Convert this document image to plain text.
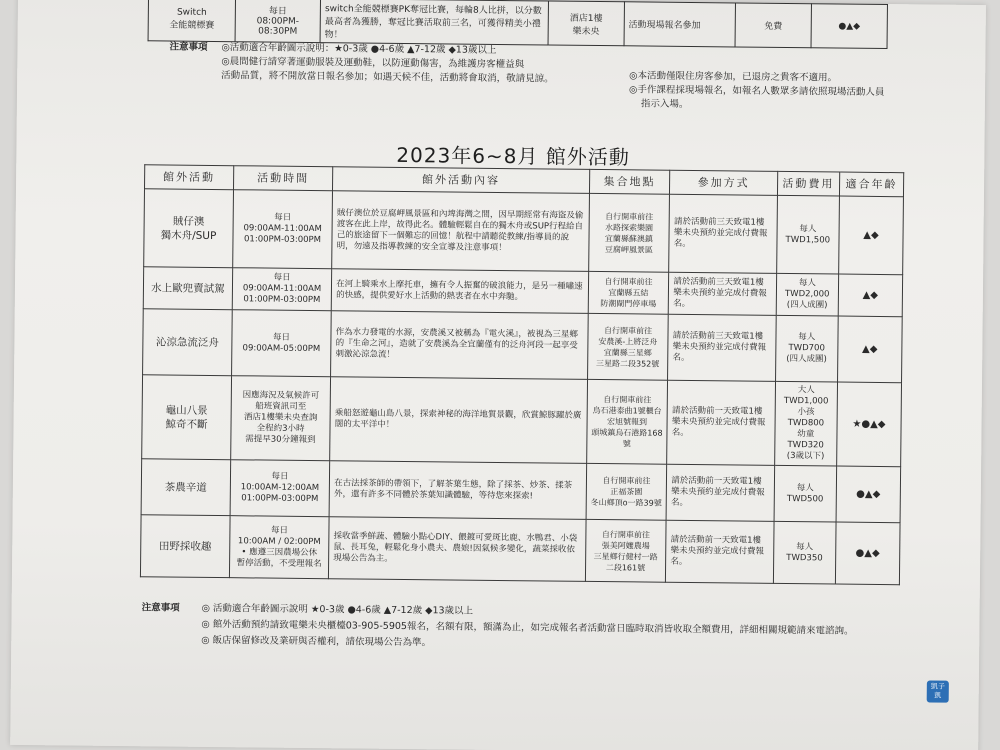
Switch
全能競標賽	每日
08:00PM-08:30PM	switch全能競標賽PK奪冠比賽，每輪8人比拼，以分數最高者為獲勝，奪冠比賽活取前三名，可獲得精美小禮物！	酒店1樓
樂未央	活動現場報名參加	免費	●▲◆
注意事項	◎活動適合年齡圖示說明：★0-3歲 ●4-6歲 ▲7-12歲 ◆13歲以上
◎晨間健行請穿著運動服裝及運動鞋，以防運動傷害，為維護房客權益與
活動品質，將不開放當日報名參加；如遇天候不佳，活動將會取消，敬請見諒。	◎本活動僅限住房客參加，已退房之貴客不適用。
◎手作課程採現場報名，如報名人數眾多請依照現場活動人員
指示入場。
2023年6~8月 館外活動
館外活動	活動時間	館外活動內容	集合地點	參加方式	活動費用	適合年齡
賊仔澳
獨木舟/SUP	每日
09:00AM-11:00AM
01:00PM-03:00PM	賊仔澳位於豆腐岬風景區和內埤海灣之間，因早期經常有海盜及偷渡客在此上岸，故得此名。體驗輕鬆自在的獨木舟或SUP行程給自己的旅途留下一個難忘的回憶！航程中請聽從教練/指導員的說明，勿遠及指導教練的安全宣導及注意事項！	自行開車前往
水路探索樂園
宜蘭縣蘇澳鎮
豆腐岬風景區	請於活動前三天致電1樓樂未央預約並完成付費報名。	每人TWD1,500	▲◆
水上歐兜賣試駕	每日
09:00AM-11:00AM
01:00PM-03:00PM	在河上騎乘水上摩托車，擁有令人振奮的破浪能力，是另一種嘯速的快感，提供愛好水上活動的熱衷者在水中奔馳。	自行開車前往
宜蘭縣五結
防潮閘門停車場	請於活動前三天致電1樓樂未央預約並完成付費報名。	每人TWD2,000
(四人成團)	▲◆
沁涼急流泛舟	每日
09:00AM-05:00PM	作為水力發電的水源，安農溪又被稱為『電火溪』，被視為三星鄉的『生命之河』，造就了安農溪為全宜蘭僅有的泛舟河段一起享受刺激沁涼急流！	自行開車前往
安農溪-上將泛舟
宜蘭縣三星鄉
三星路二段352號	請於活動前三天致電1樓樂未央預約並完成付費報名。	每人TWD700
(四人成團)	▲◆
龜山八景
鯨奇不斷	因應海況及氣候許可
船班資訊司至
酒店1樓樂未央查詢
全程約3小時
需提早30分鐘報到	乘船怒遊龜山島八景，探索神秘的海洋地質景觀，欣賞鯨豚躍於廣闊的太平洋中！	自行開車前往
烏石港泰曲1號櫃台
宏旭號報到
頭城鎮烏石港路168號	請於活動前一天致電1樓樂未央預約並完成付費報名。	大人TWD1,000
小孩TWD800
幼童TWD320
(3歲以下)	★●▲◆
茶農辛道	每日
10:00AM-12:00AM
01:00PM-03:00PM	在古法採茶師的帶領下，了解茶葉生態，除了採茶、炒茶、揉茶外，還有許多不同體於茶葉知識體驗，等待您來探索!	自行開車前往
正福茶園
冬山鄉頂o一路39號	請於活動前一天致電1樓樂未央預約並完成付費報名。	每人
TWD500	●▲◆
田野採收趣	每日
10:00AM / 02:00PM
• 應遵三因農場公休
暫停活動，不受理報名	採收當季鮮蔬、體驗小點心DIY、餵鍍可愛斑比鹿、水鴨君、小袋鼠、長耳兔，輕鬆化身小農夫、農娘!因氣候多變化，蔬菜採收依現場公告為主。	自行開車前往
張美阿嬤農場
三星鄉行健村一路
二段161號	請於活動前一天致電1樓樂未央預約並完成付費報名。	每人
TWD350	●▲◆
注意事項	◎ 活動適合年齡圖示說明 ★0-3歲 ●4-6歲 ▲7-12歲 ◆13歲以上
◎ 館外活動預約請致電樂未央櫃檯03-905-5905報名，名額有限，額滿為止，如完成報名者活動當日臨時取消皆收取全額費用，詳細相關規範請來電諮詢。
◎ 飯店保留修改及業研與否權利，請依現場公告為準。
凱子
凱
